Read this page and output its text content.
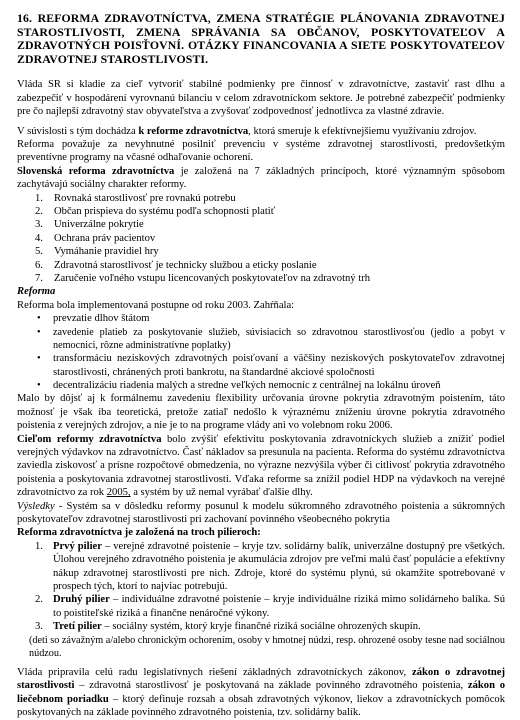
16. REFORMA ZDRAVOTNÍCTVA, ZMENA STRATÉGIE PLÁNOVANIA ZDRAVOTNEJ STAROSTLIVOSTI, ZMENA SPRÁVANIA SA OBČANOV, POSKYTOVATEĽOV A ZDRAVOTNÝCH POISŤOVNÍ. OTÁZKY FINANCOVANIA A SIETE POSKYTOVATEĽOV ZDRAVOTNEJ STAROSTLIVOSTI.

Vláda SR si kladie za cieľ vytvoriť stabilné podmienky pre činnosť v zdravotníctve, zastaviť rast dlhu a zabezpečiť v hospodárení vyrovnanú bilanciu v celom zdravotníckom sektore. Je potrebné zabezpečiť podmienky pre čo najlepší zdravotný stav obyvateľstva a zvyšovať zodpovednosť jednotlivca za vlastné zdravie.

V súvislosti s tým dochádza k reforme zdravotníctva, ktorá smeruje k efektívnejšiemu využívaniu zdrojov.

Reforma považuje za nevyhnutné posilniť prevenciu v systéme zdravotnej starostlivosti, predovšetkým preventívne programy na včasné odhaľovanie ochorení.

Slovenská reforma zdravotníctva je založená na 7 základných princípoch, ktoré významným spôsobom zachytávajú sociálny charakter reformy.

1. Rovnaká starostlivosť pre rovnakú potrebu
2. Občan prispieva do systému podľa schopnosti platiť
3. Univerzálne pokrytie
4. Ochrana práv pacientov
5. Vymáhanie pravidiel hry
6. Zdravotná starostlivosť je technicky službou a eticky poslanie
7. Zaručenie voľného vstupu licencovaných poskytovateľov na zdravotný trh

Reforma

Reforma bola implementovaná postupne od roku 2003. Zahŕňala:

• prevzatie dlhov štátom
• zavedenie platieb za poskytovanie služieb, súvisiacich so zdravotnou starostlivosťou (jedlo a pobyt v nemocnici, rôzne administratívne poplatky)
• transformáciu neziskových zdravotných poisťovaní a väčšiny neziskových poskytovateľov zdravotnej starostlivosti, chránených proti bankrotu, na štandardné akciové spoločnosti
• decentralizáciu riadenia malých a stredne veľkých nemocníc z centrálnej na lokálnu úroveň

Malo by dôjsť aj k formálnemu zavedeniu flexibility určovania úrovne pokrytia zdravotným poistením, táto možnosť je však iba teoretická, pretože zatiaľ nedošlo k výraznému zníženiu úrovne pokrytia zdravotného poistenia z verejných zdrojov, a nie je to na programe vlády ani vo volebnom roku 2006.

Cieľom reformy zdravotníctva bolo zvýšiť efektivitu poskytovania zdravotníckych služieb a znížiť podiel verejných výdavkov na zdravotníctvo. Časť nákladov sa presunula na pacienta. Reforma do systému zdravotníctva zaviedla ziskovosť a prísne rozpočtové obmedzenia, no výrazne nezvýšila výber či citlivosť pokrytia zdravotného poistenia a poskytovania zdravotnej starostlivosti. Vďaka reforme sa znížil podiel HDP na výdavkoch na verejné zdravotníctvo za rok 2005, a systém by už nemal vyrábať ďalšie dlhy.

Výsledky - Systém sa v dôsledku reformy posunul k modelu súkromného zdravotného poistenia a súkromných poskytovateľov zdravotnej starostlivosti pri zachovaní povinného všeobecného pokrytia

Reforma zdravotníctva je založená na troch pilieroch:

1. Prvý pilier – verejné zdravotné poistenie – kryje tzv. solidárny balík, univerzálne dostupný pre všetkých. Úlohou verejného zdravotného poistenia je akumulácia zdrojov pre veľmi malú časť populácie a efektívny nákup zdravotnej starostlivosti pre nich. Zdroje, ktoré do systému plynú, sú okamžite spotrebované v prospech tých, ktorí to najviac potrebujú.
2. Druhý pilier – individuálne zdravotné poistenie – kryje individuálne riziká mimo solidárneho balíka. Sú to poistiteľské riziká a finančne nenáročné výkony.
3. Tretí pilier – sociálny systém, ktorý kryje finančné riziká sociálne ohrozených skupín.

(deti so závažným a/alebo chronickým ochorením, osoby v hmotnej núdzi, resp. ohrozené osoby tesne nad sociálnou núdzou.

Vláda pripravila celú radu legislatívnych riešení základných zdravotníckych zákonov, zákon o zdravotnej starostlivosti – zdravotná starostlivosť je poskytovaná na základe povinného zdravotného poistenia, zákon o liečebnom poriadku – ktorý definuje rozsah a obsah zdravotných výkonov, liekov a zdravotníckych pomôcok poskytovaných na základe povinného zdravotného poistenia, tzv. solidárny balík.
